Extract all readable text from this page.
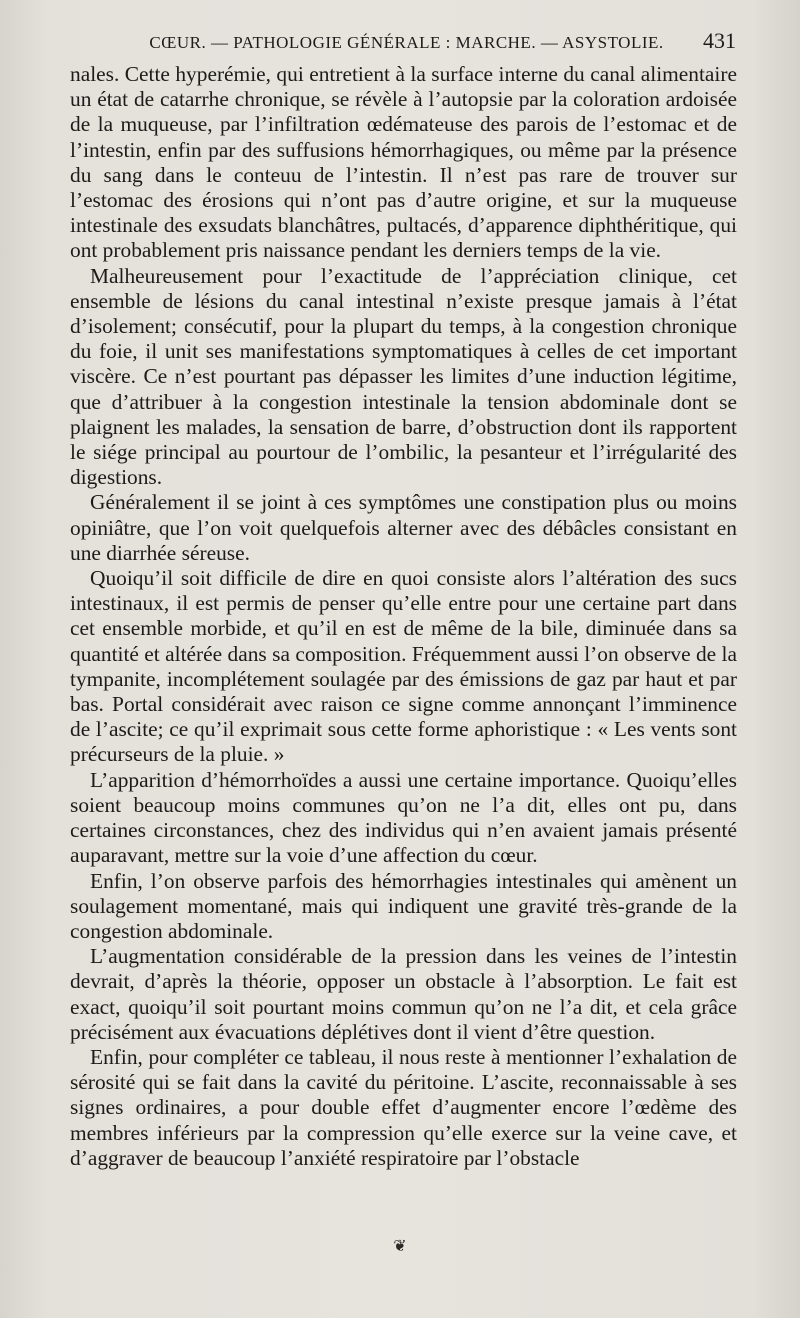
CŒUR. — PATHOLOGIE GÉNÉRALE : MARCHE. — ASYSTOLIE.	431

nales. Cette hyperémie, qui entretient à la surface interne du canal alimentaire un état de catarrhe chronique, se révèle à l’autopsie par la coloration ardoisée de la muqueuse, par l’infiltration œdémateuse des parois de l’estomac et de l’intestin, enfin par des suffusions hémorrhagiques, ou même par la présence du sang dans le conteuu de l’intestin. Il n’est pas rare de trouver sur l’estomac des érosions qui n’ont pas d’autre origine, et sur la muqueuse intestinale des exsudats blanchâtres, pultacés, d’apparence diphthéritique, qui ont probablement pris naissance pendant les derniers temps de la vie.

Malheureusement pour l’exactitude de l’appréciation clinique, cet ensemble de lésions du canal intestinal n’existe presque jamais à l’état d’isolement; consécutif, pour la plupart du temps, à la congestion chronique du foie, il unit ses manifestations symptomatiques à celles de cet important viscère. Ce n’est pourtant pas dépasser les limites d’une induction légitime, que d’attribuer à la congestion intestinale la tension abdominale dont se plaignent les malades, la sensation de barre, d’obstruction dont ils rapportent le siége principal au pourtour de l’ombilic, la pesanteur et l’irrégularité des digestions.

Généralement il se joint à ces symptômes une constipation plus ou moins opiniâtre, que l’on voit quelquefois alterner avec des débâcles consistant en une diarrhée séreuse.

Quoiqu’il soit difficile de dire en quoi consiste alors l’altération des sucs intestinaux, il est permis de penser qu’elle entre pour une certaine part dans cet ensemble morbide, et qu’il en est de même de la bile, diminuée dans sa quantité et altérée dans sa composition. Fréquemment aussi l’on observe de la tympanite, incomplétement soulagée par des émissions de gaz par haut et par bas. Portal considérait avec raison ce signe comme annonçant l’imminence de l’ascite; ce qu’il exprimait sous cette forme aphoristique : « Les vents sont précurseurs de la pluie. »

L’apparition d’hémorrhoïdes a aussi une certaine importance. Quoiqu’elles soient beaucoup moins communes qu’on ne l’a dit, elles ont pu, dans certaines circonstances, chez des individus qui n’en avaient jamais présenté auparavant, mettre sur la voie d’une affection du cœur.

Enfin, l’on observe parfois des hémorrhagies intestinales qui amènent un soulagement momentané, mais qui indiquent une gravité très-grande de la congestion abdominale.

L’augmentation considérable de la pression dans les veines de l’intestin devrait, d’après la théorie, opposer un obstacle à l’absorption. Le fait est exact, quoiqu’il soit pourtant moins commun qu’on ne l’a dit, et cela grâce précisément aux évacuations déplétives dont il vient d’être question.

Enfin, pour compléter ce tableau, il nous reste à mentionner l’exhalation de sérosité qui se fait dans la cavité du péritoine. L’ascite, reconnaissable à ses signes ordinaires, a pour double effet d’augmenter encore l’œdème des membres inférieurs par la compression qu’elle exerce sur la veine cave, et d’aggraver de beaucoup l’anxiété respiratoire par l’obstacle

❦
